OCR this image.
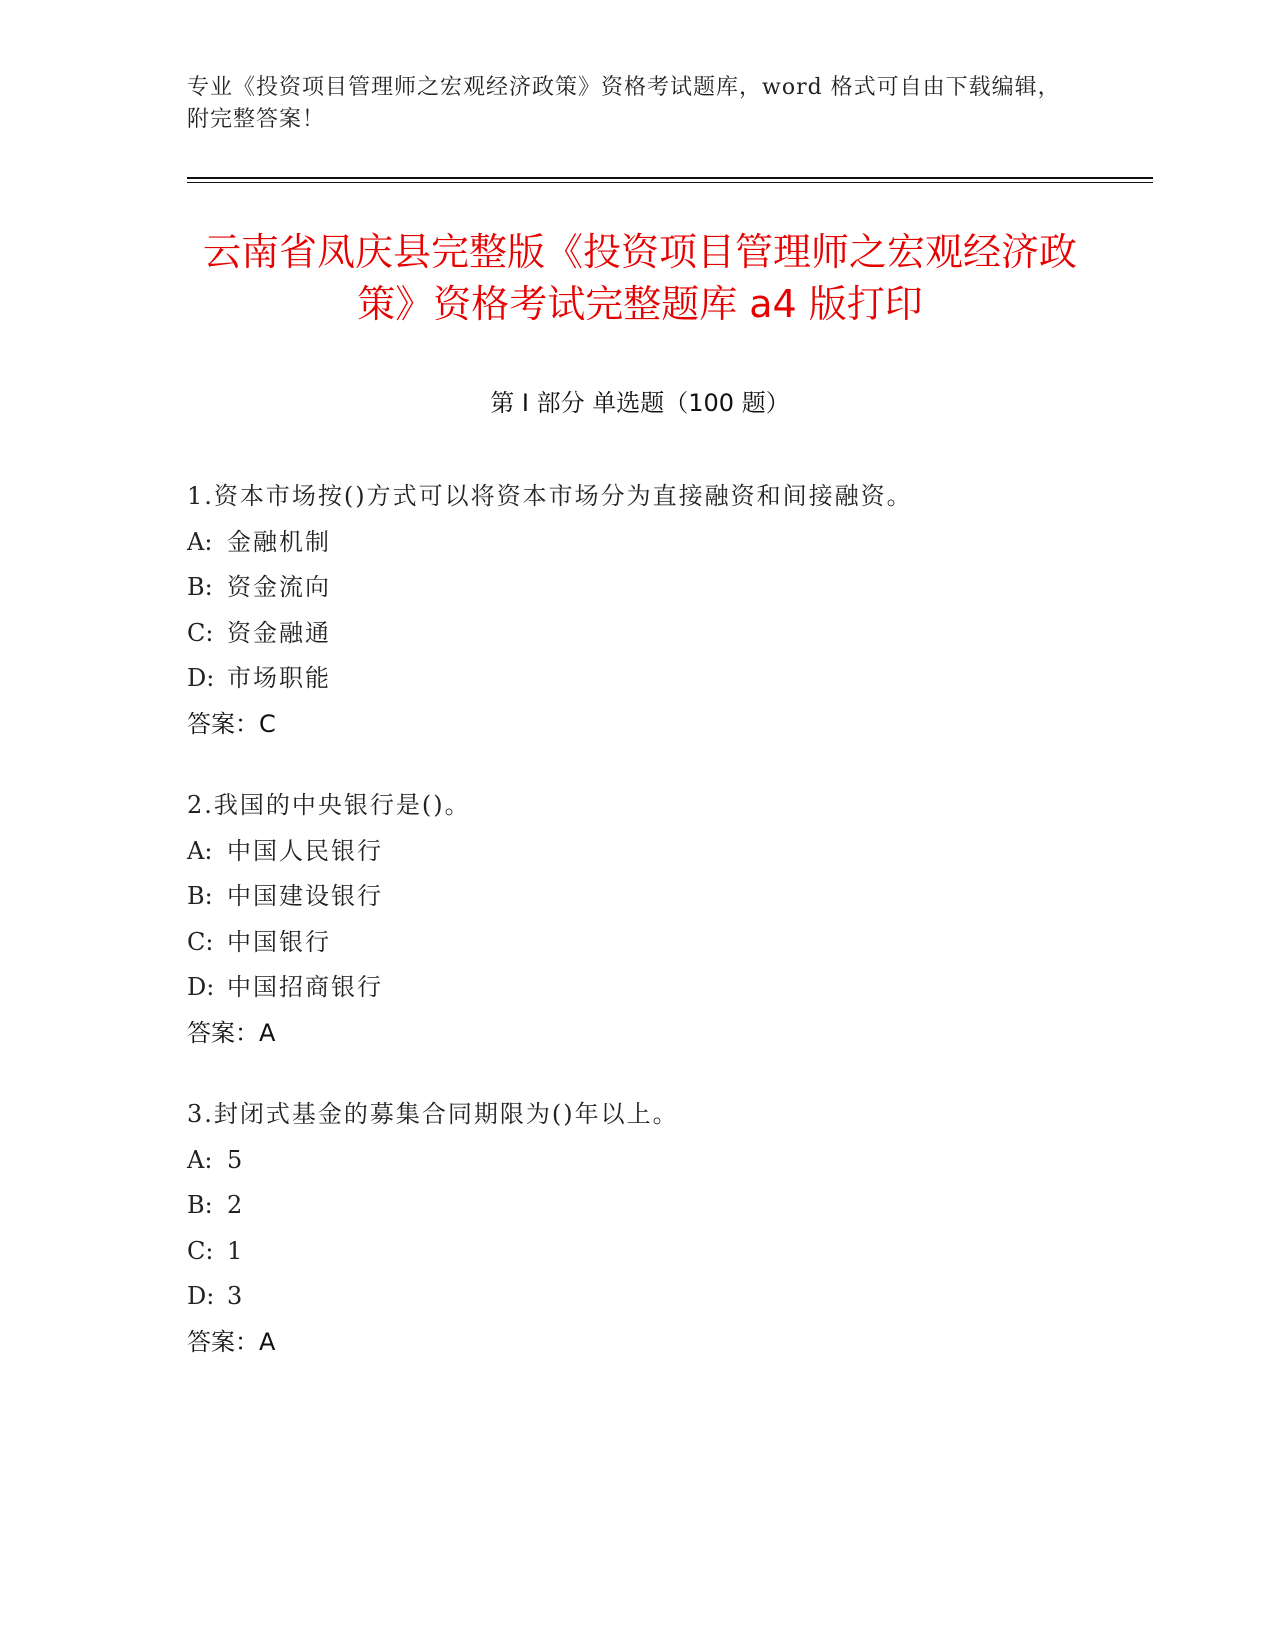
专业《投资项目管理师之宏观经济政策》资格考试题库，word 格式可自由下载编辑，附完整答案！
云南省凤庆县完整版《投资项目管理师之宏观经济政策》资格考试完整题库 a4 版打印
第 I 部分 单选题（100 题）
1.资本市场按()方式可以将资本市场分为直接融资和间接融资。
A: 金融机制
B: 资金流向
C: 资金融通
D: 市场职能
答案：C
2.我国的中央银行是()。
A: 中国人民银行
B: 中国建设银行
C: 中国银行
D: 中国招商银行
答案：A
3.封闭式基金的募集合同期限为()年以上。
A: 5
B: 2
C: 1
D: 3
答案：A
